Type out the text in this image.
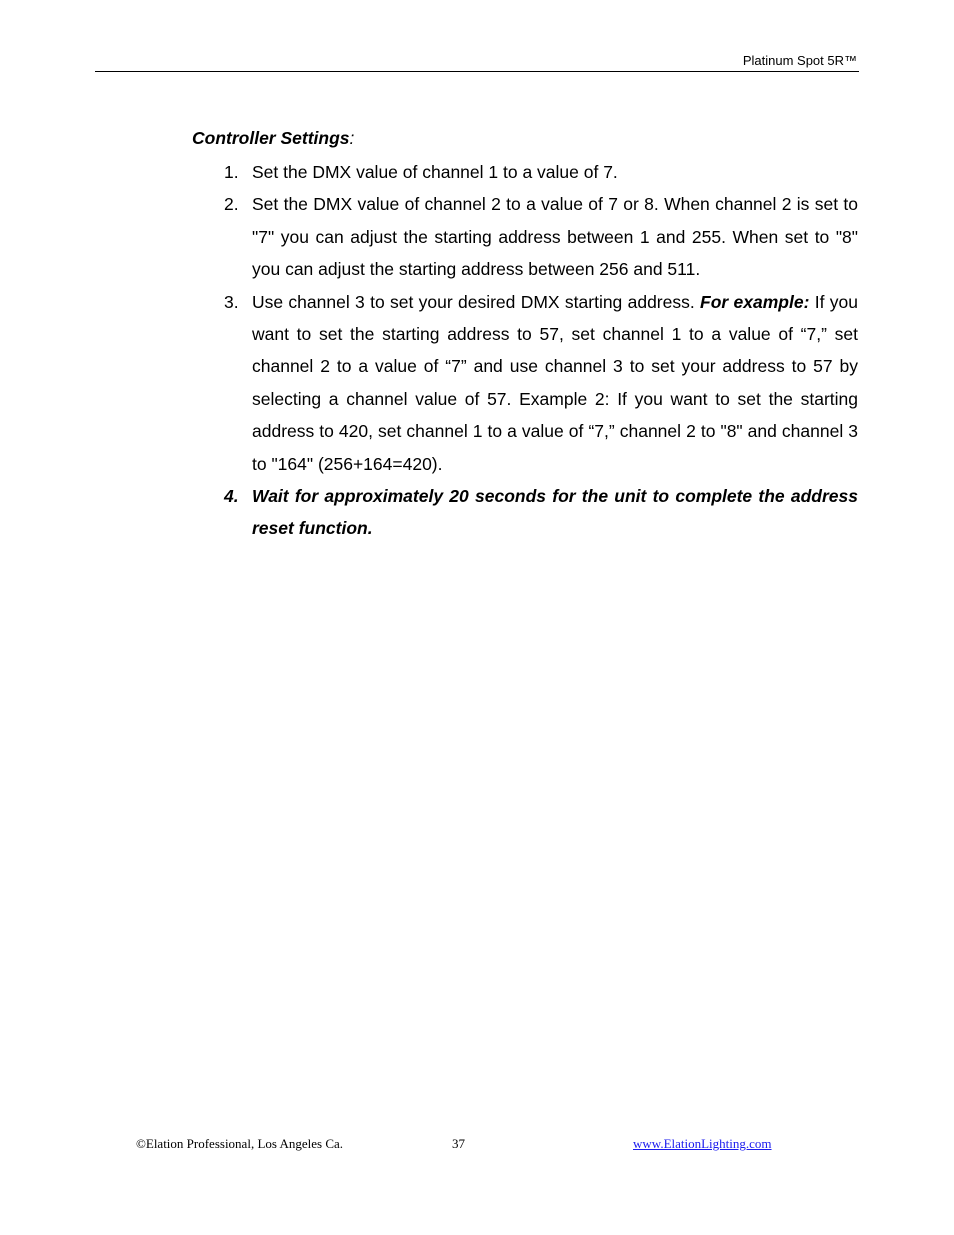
Platinum Spot 5R™
Controller Settings:
1. Set the DMX value of channel 1 to a value of 7.
2. Set the DMX value of channel 2 to a value of 7 or 8. When channel 2 is set to "7" you can adjust the starting address between 1 and 255. When set to "8" you can adjust the starting address between 256 and 511.
3. Use channel 3 to set your desired DMX starting address. For example: If you want to set the starting address to 57, set channel 1 to a value of “7,” set channel 2 to a value of “7” and use channel 3 to set your address to 57 by selecting a channel value of 57. Example 2: If you want to set the starting address to 420, set channel 1 to a value of “7,” channel 2 to "8" and channel 3 to "164" (256+164=420).
4. Wait for approximately 20 seconds for the unit to complete the address reset function.
©Elation Professional, Los Angeles Ca.	37	www.ElationLighting.com
